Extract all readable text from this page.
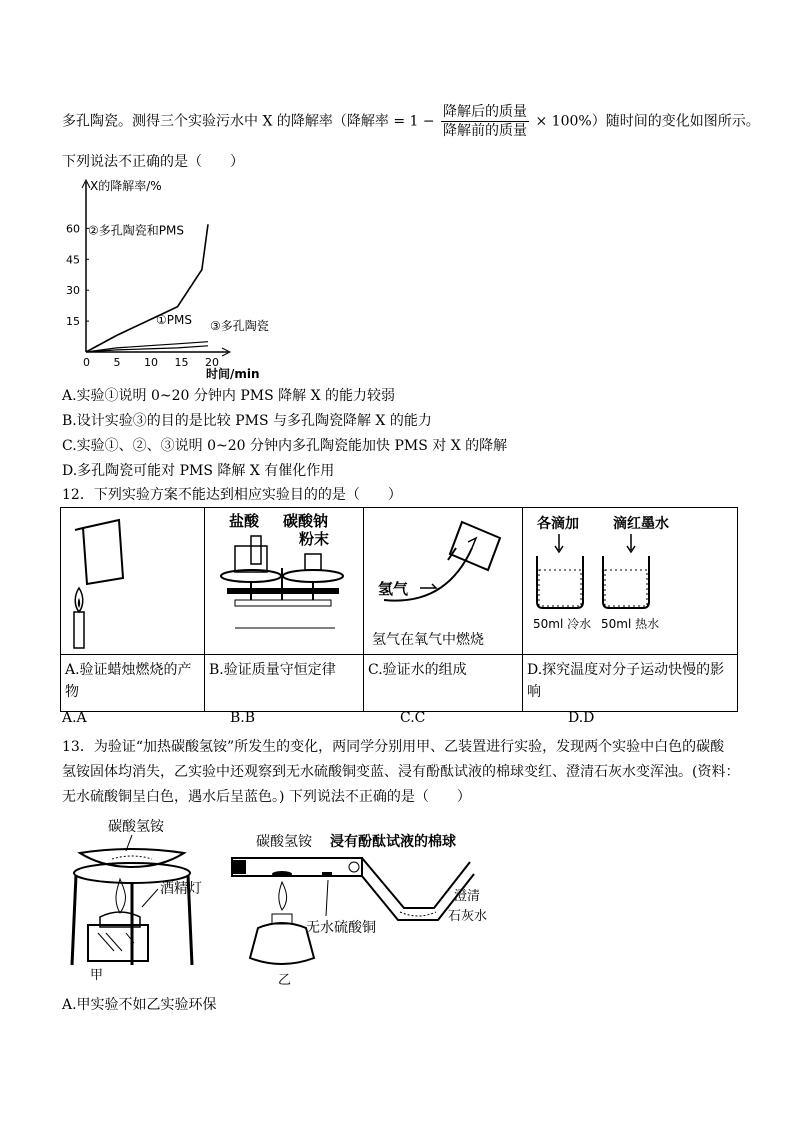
多孔陶瓷。测得三个实验污水中 X 的降解率（降解率 = $1 - \frac{\text{降解后的质量}}{\text{降解前的质量}} \times 100\%$）随时间的变化如图所示。
下列说法不正确的是（　　）
X的降解率/%
时间/min
0 5 10 15 20
15
30
45
60 ②多孔陶瓷和PMS
①PMS ③多孔陶瓷
A.实验①说明 0~20 分钟内 PMS 降解 X 的能力较弱
B.设计实验③的目的是比较 PMS 与多孔陶瓷降解 X 的能力
C.实验①、②、③说明 0~20 分钟内多孔陶瓷能加快 PMS 对 X 的降解
D.多孔陶瓷可能对 PMS 降解 X 有催化作用
12．下列实验方案不能达到相应实验目的的是（　　）

盐酸 碳酸钠
粉末	氢气
氢气在氧气中燃烧	各滴加 滴红墨水
50ml 冷水 50ml 热水

A.验证蜡烛燃烧的产物	B.验证质量守恒定律	C.验证水的组成	D.探究温度对分子运动快慢的影响
A.A	B.B	C.C	D.D
13．为验证“加热碳酸氢铵”所发生的变化，两同学分别用甲、乙装置进行实验，发现两个实验中白色的碳酸
氢铵固体均消失，乙实验中还观察到无水硫酸铜变蓝、浸有酚酞试液的棉球变红、澄清石灰水变浑浊。(资料：
无水硫酸铜呈白色，遇水后呈蓝色。) 下列说法不正确的是（　　）
碳酸氢铵
酒精灯
甲
碳酸氢铵 浸有酚酞试液的棉球
澄清
石灰水
无水硫酸铜
乙
A.甲实验不如乙实验环保
